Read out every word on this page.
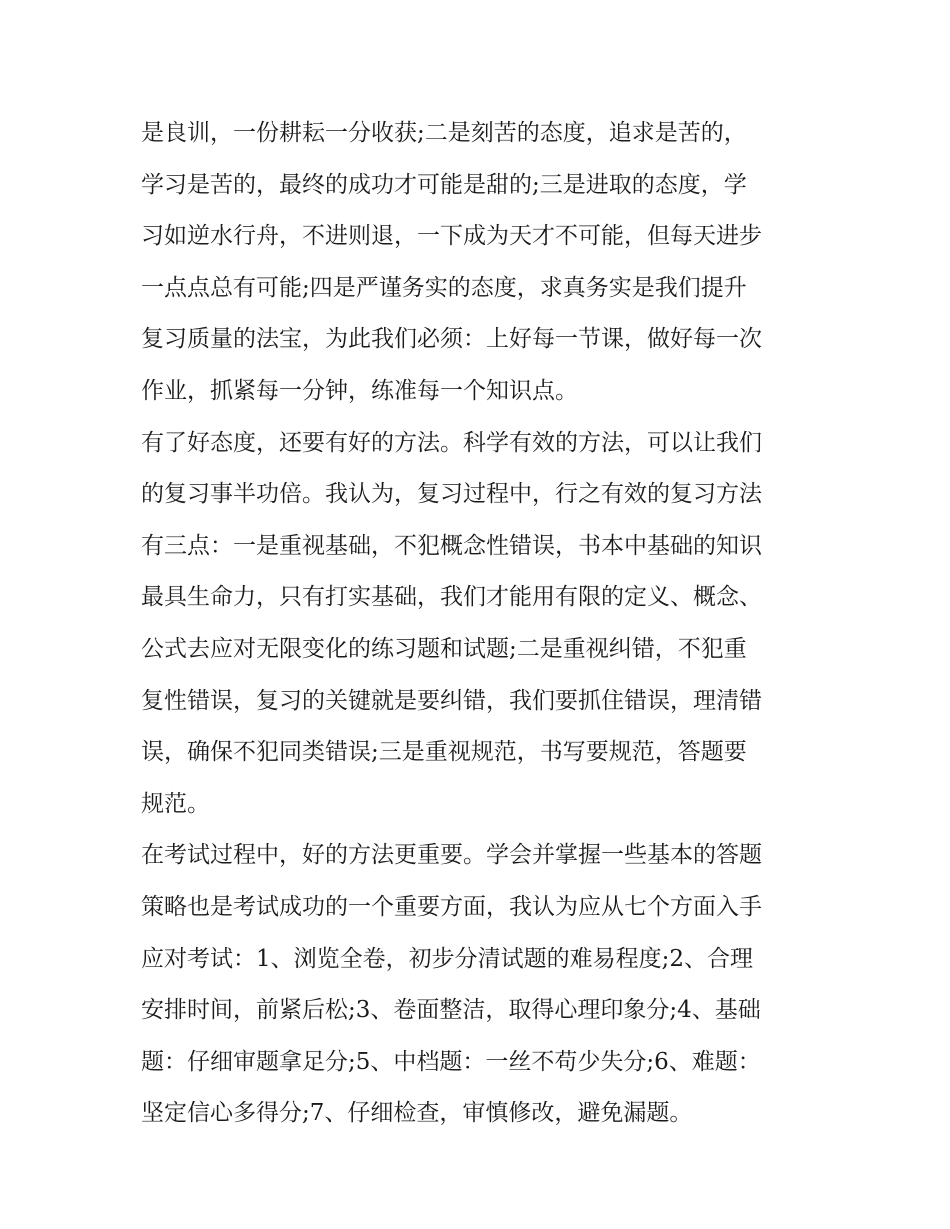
是良训，一份耕耘一分收获;二是刻苦的态度，追求是苦的，
学习是苦的，最终的成功才可能是甜的;三是进取的态度，学
习如逆水行舟，不进则退，一下成为天才不可能，但每天进步
一点点总有可能;四是严谨务实的态度，求真务实是我们提升
复习质量的法宝，为此我们必须：上好每一节课，做好每一次
作业，抓紧每一分钟，练准每一个知识点。
有了好态度，还要有好的方法。科学有效的方法，可以让我们
的复习事半功倍。我认为，复习过程中，行之有效的复习方法
有三点：一是重视基础，不犯概念性错误，书本中基础的知识
最具生命力，只有打实基础，我们才能用有限的定义、概念、
公式去应对无限变化的练习题和试题;二是重视纠错，不犯重
复性错误，复习的关键就是要纠错，我们要抓住错误，理清错
误，确保不犯同类错误;三是重视规范，书写要规范，答题要
规范。
在考试过程中，好的方法更重要。学会并掌握一些基本的答题
策略也是考试成功的一个重要方面，我认为应从七个方面入手
应对考试：1、浏览全卷，初步分清试题的难易程度;2、合理
安排时间，前紧后松;3、卷面整洁，取得心理印象分;4、基础
题：仔细审题拿足分;5、中档题：一丝不苟少失分;6、难题：
坚定信心多得分;7、仔细检查，审慎修改，避免漏题。
